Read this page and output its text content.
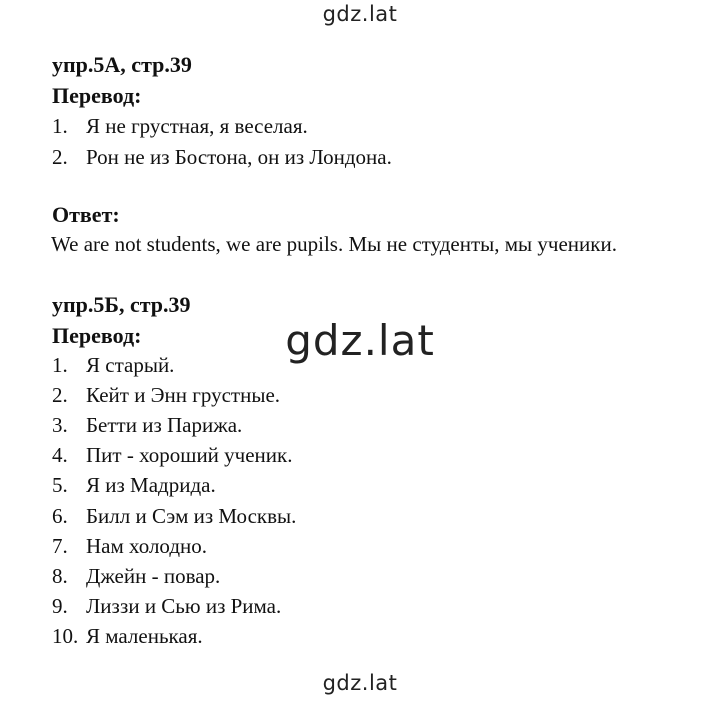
gdz.lat
gdz.lat
gdz.lat
упр.5А, стр.39
Перевод:
1. Я не грустная, я веселая.
2. Рон не из Бостона, он из Лондона.
Ответ:
We are not students, we are pupils. Мы не студенты, мы ученики.
упр.5Б, стр.39
Перевод:
1. Я старый.
2. Кейт и Энн грустные.
3. Бетти из Парижа.
4. Пит - хороший ученик.
5. Я из Мадрида.
6. Билл и Сэм из Москвы.
7. Нам холодно.
8. Джейн - повар.
9. Лиззи и Сью из Рима.
10. Я маленькая.
